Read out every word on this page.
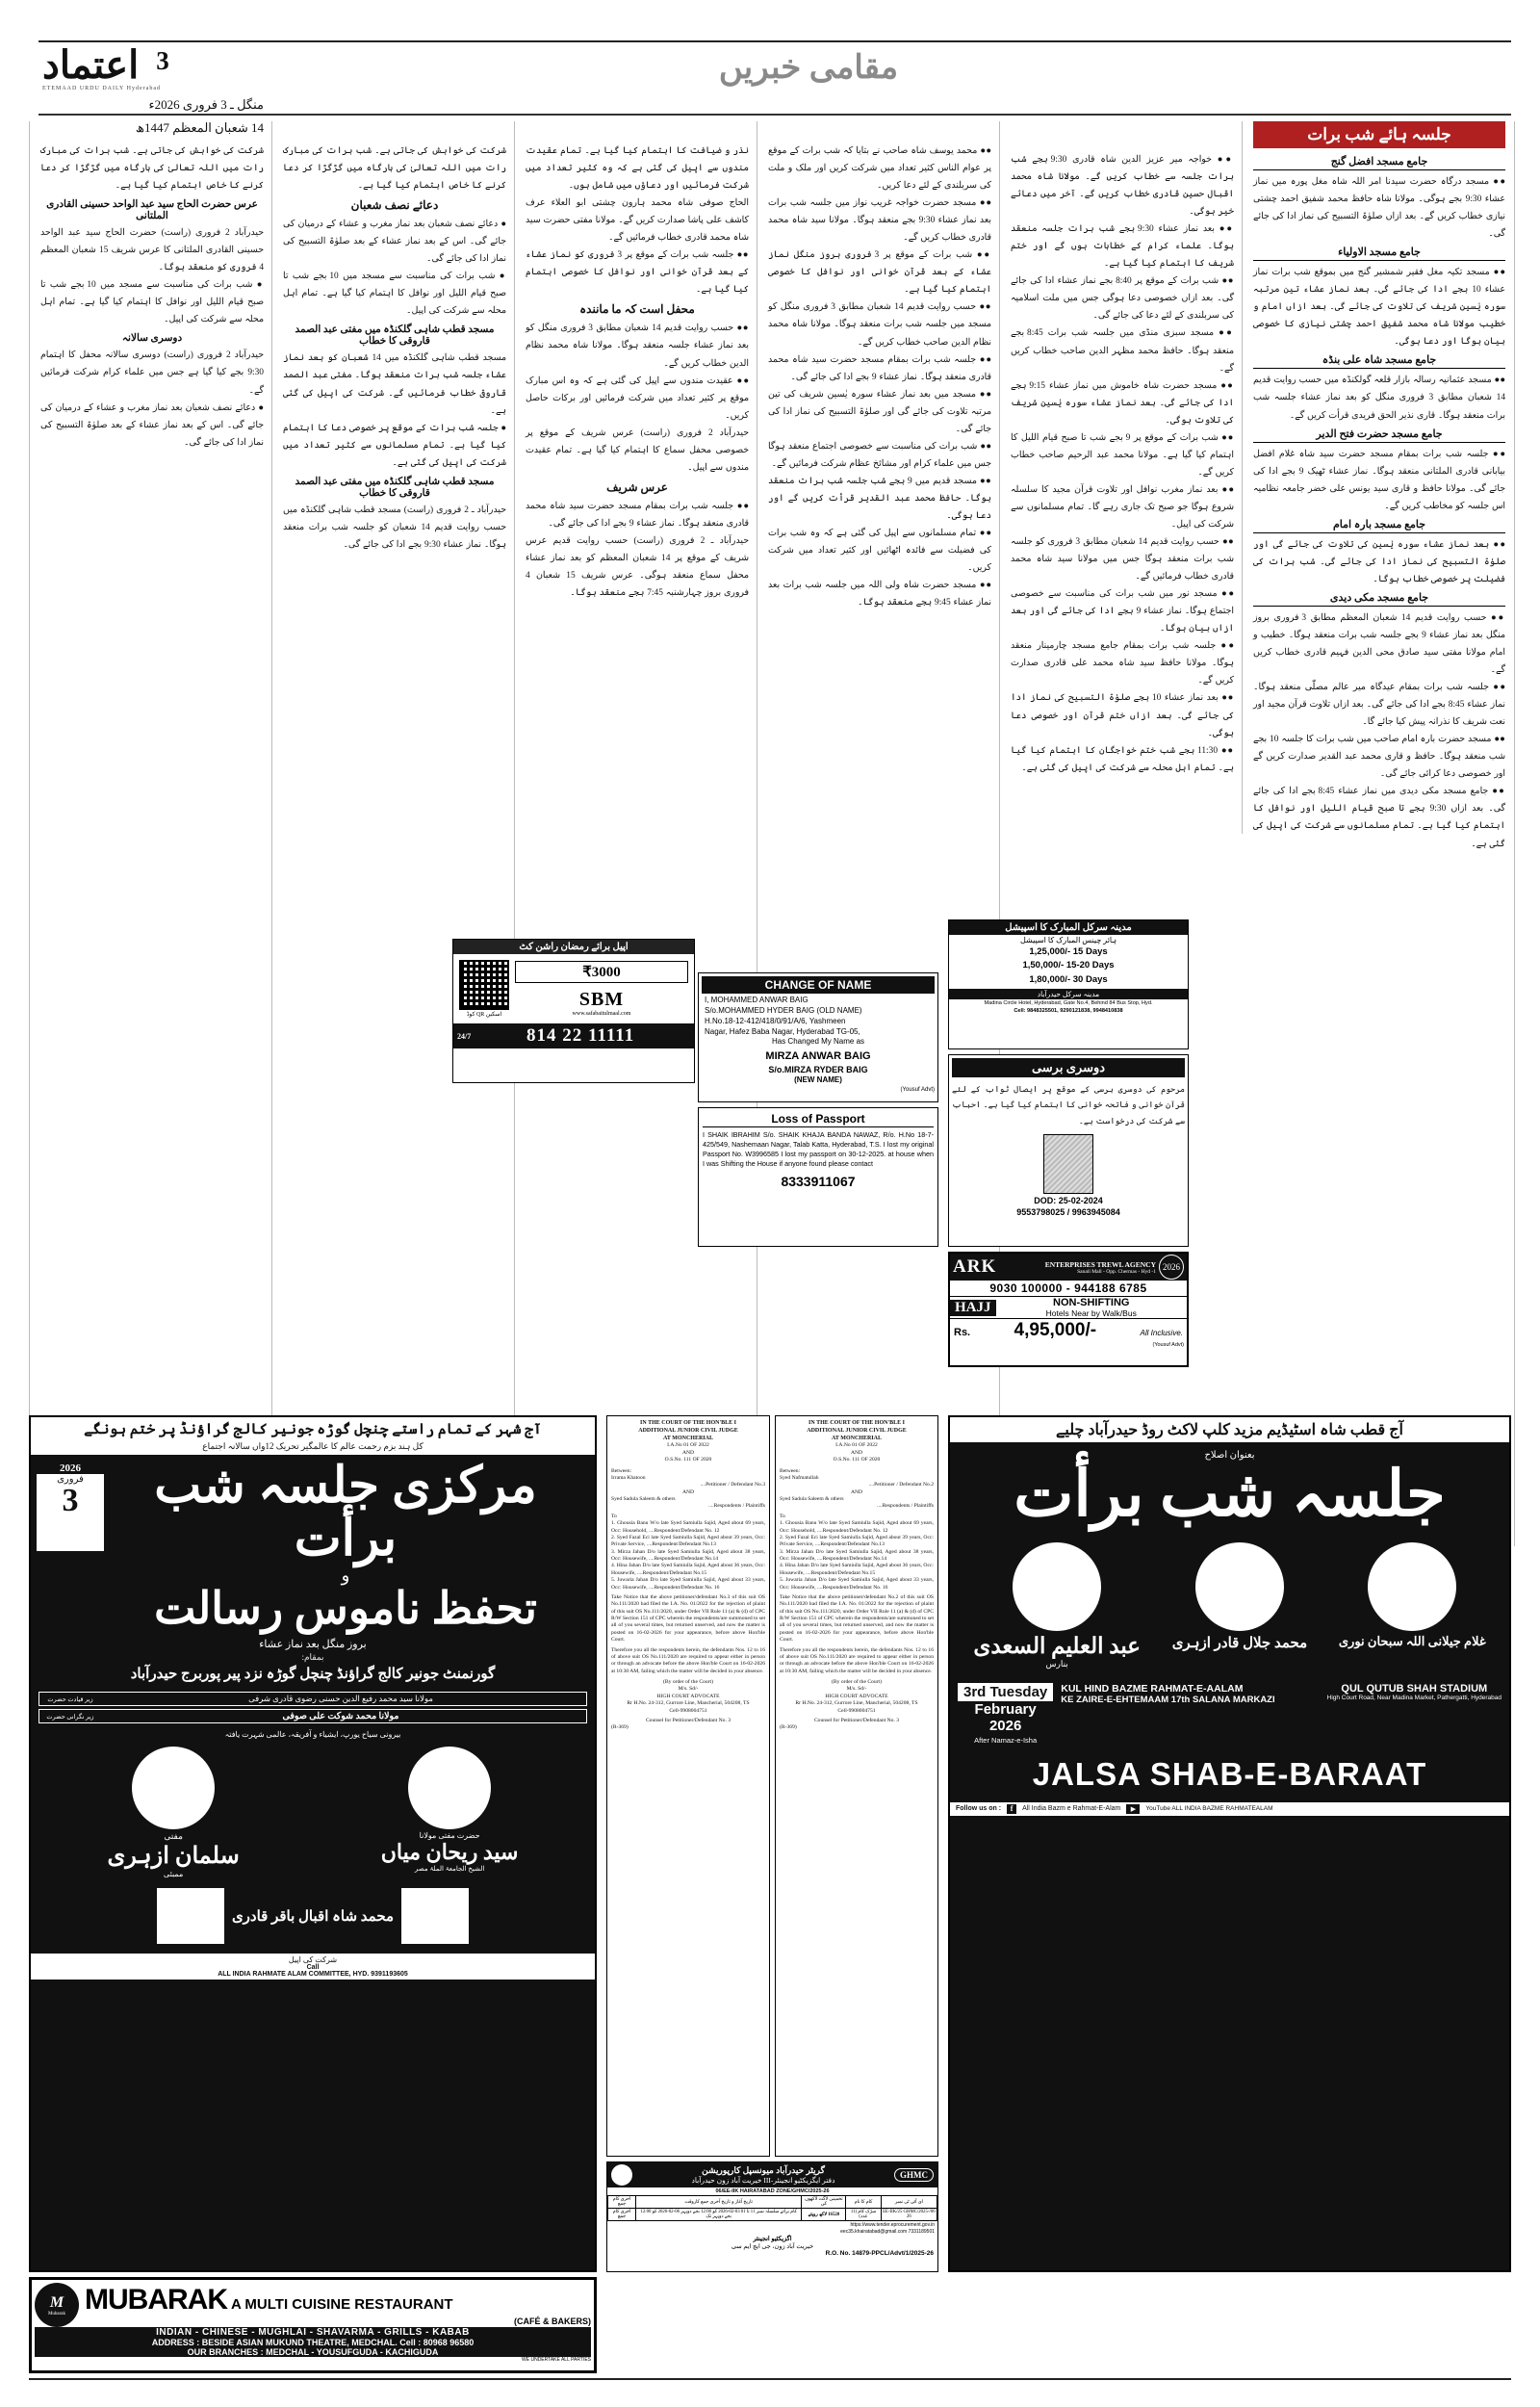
اعتماد 3
ETEMAAD URDU DAILY Hyderabad
منگل ـ 3 فروری 2026ء
14 شعبان المعظم 1447ھ
مقامی خبریں
جلسہ ہائے شب برات
جامع مسجد افضل گنج
●● مسجد درگاہ حضرت سیدنا امر اللہ شاہ مغل پورہ میں نماز عشاء 9:30 بجے ہوگی۔ مولانا شاہ حافظ محمد شفیق احمد چشتی نیازی خطاب کریں گے۔ بعد ازاں صلوٰۃ التسبیح کی نماز ادا کی جائے گی۔
جامع مسجد الاولیاء
●● مسجد تکیہ مغل فقیر شمشیر گنج میں بموقع شب برات نماز عشاء 10 بجے ادا کی جائے گی۔ بعد نماز عشاء تین مرتبہ سورہ یٰسین شریف کی تلاوت کی جائے گی۔ بعد ازاں امام و خطیب مولانا شاہ محمد شفیق احمد چشتی نیازی کا خصوصی بیان ہوگا اور دعا ہوگی۔
جامع مسجد شاہ علی بنڈہ
●● مسجد عثمانیہ رسالہ بازار قلعہ گولکنڈہ میں حسب روایت قدیم 14 شعبان مطابق 3 فروری منگل کو بعد نماز عشاء جلسہ شب برات منعقد ہوگا۔ قاری نذیر الحق فریدی قرأت کریں گے۔
جامع مسجد حضرت فتح الدیر
●● جلسہ شب برات بمقام مسجد حضرت سید شاہ غلام افضل بیابانی قادری الملتانی منعقد ہوگا۔ نماز عشاء ٹھیک 9 بجے ادا کی جائے گی۔ مولانا حافظ و قاری سید یونس علی خضر جامعہ نظامیہ اس جلسہ کو مخاطب کریں گے۔
جامع مسجد بارہ امام
●● بعد نماز عشاء سورہ یٰسین کی تلاوت کی جائے گی اور صلوٰۃ التسبیح کی نماز ادا کی جائے گی۔ شب برات کی فضیلت پر خصوصی خطاب ہوگا۔
جامع مسجد مکی دیدی
●● حسب روایت قدیم 14 شعبان المعظم مطابق 3 فروری بروز منگل بعد نماز عشاء 9 بجے جلسہ شب برات منعقد ہوگا۔ خطیب و امام مولانا مفتی سید صادق محی الدین فہیم قادری خطاب کریں گے۔
●● جلسہ شب برات بمقام عیدگاہ میر عالم مصلّٰی منعقد ہوگا۔ نماز عشاء 8:45 بجے ادا کی جائے گی۔ بعد ازاں تلاوت قرآن مجید اور نعت شریف کا نذرانہ پیش کیا جائے گا۔
●● مسجد حضرت بارہ امام صاحب میں شب برات کا جلسہ 10 بجے شب منعقد ہوگا۔ حافظ و قاری محمد عبد القدیر صدارت کریں گے اور خصوصی دعا کرائی جائے گی۔
●● جامع مسجد مکی دیدی میں نماز عشاء 8:45 بجے ادا کی جائے گی۔ بعد ازاں 9:30 بجے تا صبح قیام اللیل اور نوافل کا اہتمام کیا گیا ہے۔ تمام مسلمانوں سے شرکت کی اپیل کی گئی ہے۔
●● خواجہ میر عزیز الدین شاہ قادری 9:30 بجے شب برات جلسہ سے خطاب کریں گے۔ مولانا شاہ محمد اقبال حسین قادری خطاب کریں گے۔ آخر میں دعائے خیر ہوگی۔
●● بعد نماز عشاء 9:30 بجے شب برات جلسہ منعقد ہوگا۔ علماء کرام کے خطابات ہوں گے اور ختم شریف کا اہتمام کیا گیا ہے۔
●● شب برات کے موقع پر 8:40 بجے نماز عشاء ادا کی جائے گی۔ بعد ازاں خصوصی دعا ہوگی جس میں ملت اسلامیہ کی سربلندی کے لئے دعا کی جائے گی۔
●● مسجد سبزی منڈی میں جلسہ شب برات 8:45 بجے منعقد ہوگا۔ حافظ محمد مظہر الدین صاحب خطاب کریں گے۔
●● مسجد حضرت شاہ خاموش میں نماز عشاء 9:15 بجے ادا کی جائے گی۔ بعد نماز عشاء سورہ یٰسین شریف کی تلاوت ہوگی۔
●● شب برات کے موقع پر 9 بجے شب تا صبح قیام اللیل کا اہتمام کیا گیا ہے۔ مولانا محمد عبد الرحیم صاحب خطاب کریں گے۔
●● بعد نماز مغرب نوافل اور تلاوت قرآن مجید کا سلسلہ شروع ہوگا جو صبح تک جاری رہے گا۔ تمام مسلمانوں سے شرکت کی اپیل۔
●● حسب روایت قدیم 14 شعبان مطابق 3 فروری کو جلسہ شب برات منعقد ہوگا جس میں مولانا سید شاہ محمد قادری خطاب فرمائیں گے۔
●● مسجد نور میں شب برات کی مناسبت سے خصوصی اجتماع ہوگا۔ نماز عشاء 9 بجے ادا کی جائے گی اور بعد ازاں بیان ہوگا۔
●● جلسہ شب برات بمقام جامع مسجد چارمینار منعقد ہوگا۔ مولانا حافظ سید شاہ محمد علی قادری صدارت کریں گے۔
●● بعد نماز عشاء 10 بجے صلوٰۃ التسبیح کی نماز ادا کی جائے گی۔ بعد ازاں ختم قرآن اور خصوصی دعا ہوگی۔
●● 11:30 بجے شب ختم خواجگان کا اہتمام کیا گیا ہے۔ تمام اہل محلہ سے شرکت کی اپیل کی گئی ہے۔
●● محمد یوسف شاہ صاحب نے بتایا کہ شب برات کے موقع پر عوام الناس کثیر تعداد میں شرکت کریں اور ملک و ملت کی سربلندی کے لئے دعا کریں۔
●● مسجد حضرت خواجہ غریب نواز میں جلسہ شب برات بعد نماز عشاء 9:30 بجے منعقد ہوگا۔ مولانا سید شاہ محمد قادری خطاب کریں گے۔
●● شب برات کے موقع پر 3 فروری بروز منگل نماز عشاء کے بعد قرآن خوانی اور نوافل کا خصوصی اہتمام کیا گیا ہے۔
●● حسب روایت قدیم 14 شعبان مطابق 3 فروری منگل کو مسجد میں جلسہ شب برات منعقد ہوگا۔ مولانا شاہ محمد نظام الدین صاحب خطاب کریں گے۔
●● جلسہ شب برات بمقام مسجد حضرت سید شاہ محمد قادری منعقد ہوگا۔ نماز عشاء 9 بجے ادا کی جائے گی۔
●● مسجد میں بعد نماز عشاء سورہ یٰسین شریف کی تین مرتبہ تلاوت کی جائے گی اور صلوٰۃ التسبیح کی نماز ادا کی جائے گی۔
●● شب برات کی مناسبت سے خصوصی اجتماع منعقد ہوگا جس میں علماء کرام اور مشائخ عظام شرکت فرمائیں گے۔
●● مسجد قدیم میں 9 بجے شب جلسہ شب برات منعقد ہوگا۔ حافظ محمد عبد القدیر قرأت کریں گے اور دعا ہوگی۔
●● تمام مسلمانوں سے اپیل کی گئی ہے کہ وہ شب برات کی فضیلت سے فائدہ اٹھائیں اور کثیر تعداد میں شرکت کریں۔
●● مسجد حضرت شاہ ولی اللہ میں جلسہ شب برات بعد نماز عشاء 9:45 بجے منعقد ہوگا۔
نذر و ضیافت کا اہتمام کیا گیا ہے۔ تمام عقیدت مندوں سے اپیل کی گئی ہے کہ وہ کثیر تعداد میں شرکت فرمائیں اور دعاؤں میں شامل ہوں۔
الحاج صوفی شاہ محمد ہارون چشتی ابو العلاء عرف کاشف علی پاشا صدارت کریں گے۔ مولانا مفتی حضرت سید شاہ محمد قادری خطاب فرمائیں گے۔
●● جلسہ شب برات کے موقع پر 3 فروری کو نماز عشاء کے بعد قرآن خوانی اور نوافل کا خصوصی اہتمام کیا گیا ہے۔
محفل است کہ ما مانندہ
●● حسب روایت قدیم 14 شعبان مطابق 3 فروری منگل کو بعد نماز عشاء جلسہ منعقد ہوگا۔ مولانا شاہ محمد نظام الدین خطاب کریں گے۔
●● عقیدت مندوں سے اپیل کی گئی ہے کہ وہ اس مبارک موقع پر کثیر تعداد میں شرکت فرمائیں اور برکات حاصل کریں۔
حیدرآباد 2 فروری (راست) عرس شریف کے موقع پر خصوصی محفل سماع کا اہتمام کیا گیا ہے۔ تمام عقیدت مندوں سے اپیل۔
عرس شریف
●● جلسہ شب برات بمقام مسجد حضرت سید شاہ محمد قادری منعقد ہوگا۔ نماز عشاء 9 بجے ادا کی جائے گی۔
حیدرآباد ـ 2 فروری (راست) حسب روایت قدیم عرس شریف کے موقع پر 14 شعبان المعظم کو بعد نماز عشاء محفل سماع منعقد ہوگی۔ عرس شریف 15 شعبان 4 فروری بروز چہارشنبہ 7:45 بجے منعقد ہوگا۔
شرکت کی خواہش کی جاتی ہے۔ شب برات کی مبارک رات میں اللہ تعالیٰ کی بارگاہ میں گڑگڑا کر دعا کرنے کا خاص اہتمام کیا گیا ہے۔
دعائے نصف شعبان
● دعائے نصف شعبان بعد نماز مغرب و عشاء کے درمیان کی جائے گی۔ اس کے بعد نماز عشاء کے بعد صلوٰۃ التسبیح کی نماز ادا کی جائے گی۔
● شب برات کی مناسبت سے مسجد میں 10 بجے شب تا صبح قیام اللیل اور نوافل کا اہتمام کیا گیا ہے۔ تمام اہل محلہ سے شرکت کی اپیل۔
مسجد قطب شاہی گلکنڈہ میں مفتی عبد الصمد قاروقی کا خطاب
مسجد قطب شاہی گلکنڈہ میں 14 شعبان کو بعد نماز عشاء جلسہ شب برات منعقد ہوگا۔ مفتی عبد الصمد قاروقی خطاب فرمائیں گے۔ شرکت کی اپیل کی گئی ہے۔
● جلسہ شب برات کے موقع پر خصوصی دعا کا اہتمام کیا گیا ہے۔ تمام مسلمانوں سے کثیر تعداد میں شرکت کی اپیل کی گئی ہے۔
مسجد قطب شاہی گلکنڈہ میں مفتی عبد الصمد قاروقی کا خطاب
حیدرآباد ـ 2 فروری (راست) مسجد قطب شاہی گلکنڈہ میں حسب روایت قدیم 14 شعبان کو جلسہ شب برات منعقد ہوگا۔ نماز عشاء 9:30 بجے ادا کی جائے گی۔
شرکت کی خواہش کی جاتی ہے۔ شب برات کی مبارک رات میں اللہ تعالیٰ کی بارگاہ میں گڑگڑا کر دعا کرنے کا خاص اہتمام کیا گیا ہے۔
عرس حضرت الحاج سید عبد الواحد حسینی القادری الملتانی
حیدرآباد 2 فروری (راست) حضرت الحاج سید عبد الواحد حسینی القادری الملتانی کا عرس شریف 15 شعبان المعظم 4 فروری کو منعقد ہوگا۔
● شب برات کی مناسبت سے مسجد میں 10 بجے شب تا صبح قیام اللیل اور نوافل کا اہتمام کیا گیا ہے۔ تمام اہل محلہ سے شرکت کی اپیل۔
دوسری سالانہ
حیدرآباد 2 فروری (راست) دوسری سالانہ محفل کا اہتمام 9:30 بجے کیا گیا ہے جس میں علماء کرام شرکت فرمائیں گے۔
● دعائے نصف شعبان بعد نماز مغرب و عشاء کے درمیان کی جائے گی۔ اس کے بعد نماز عشاء کے بعد صلوٰۃ التسبیح کی نماز ادا کی جائے گی۔
اپیل برائے رمضان راشن کٹ
اسکین QR کوڈ
₹3000
SBM
www.safabaitulmaal.com
24/7	814 22 11111
CHANGE OF NAME
I, MOHAMMED ANWAR BAIG
S/o.MOHAMMED HYDER BAIG (OLD NAME)
H.No.18-12-412/418/0/91/A/6, Yashmeen
Nagar, Hafez Baba Nagar, Hyderabad TG-05,
Has Changed My Name as
MIRZA ANWAR BAIG
S/o.MIRZA RYDER BAIG
(NEW NAME)
(Yousuf Advt)
Loss of Passport
I SHAIK IBRAHIM S/o. SHAIK KHAJA BANDA NAWAZ, R/o. H.No 18-7-425/549, Nashemaan Nagar, Talab Katta, Hyderabad, T.S. I lost my original Passport No. W3996585 I lost my passport on 30-12-2025. at house when I was Shifting the House if anyone found please contact
8333911067
مدینہ سرکل المبارک کا اسپیشل
ہائر چینس المبارک کا اسپیشل
1,25,000/- 15 Days
1,50,000/- 15-20 Days
1,80,000/- 30 Days
مدینہ سرکل حیدرآباد
Madina Circle Hotel, Hyderabad, Gate No.4, Behind 84 Bus Stop, Hyd.
Cell: 9848325501, 9290121838, 9948410838
دوسری برسی
مرحوم کی دوسری برسی کے موقع پر ایصال ثواب کے لئے قرآن خوانی و فاتحہ خوانی کا اہتمام کیا گیا ہے۔ احباب سے شرکت کی درخواست ہے۔
DOD: 25-02-2024
9553798025 / 9963945084
ARK	ENTERPRISES TREWL AGENCY
Sanali Mall - Opp. Chermas - Hyd -1 2026
9030 100000 - 944188 6785
HAJJ	NON-SHIFTING
Hotels Near by Walk/Bus
Rs.	4,95,000/-	All Inclusive.
(Yousuf Advt)
آج شہر کے تمام راستے چنچل گوڑہ جونیر کالج گراؤنڈ پر ختم ہونگے
کل ہند بزم رحمت عالم کا عالمگیر تحریک 12واں سالانہ اجتماع
2026
فروری
3	مرکزی جلسہ شب برأت
و
تحفظ ناموس رسالت
بروز منگل بعد نماز عشاء
بمقام:
گورنمنٹ جونیر کالج گراؤنڈ چنچل گوڑہ نزد پیر پوربرج حیدرآباد
زیر قیادت حضرت	مولانا سید محمد رفیع الدین حسنی رضوی قادری شرفی
زیر نگرانی حضرت	مولانا محمد شوکت علی صوفی
بیرونی سیاح یورپ، ایشیاء و آفریقہ، عالمی شہرت یافتہ
مفتی
سلمان ازہری
ممبئی
حضرت مفتی مولانا
سید ریحان میاں
الشیخ الجامعۃ الملۃ مصر
محمد شاہ اقبال باقر قادری
شرکت کی اپیل
Call
ALL INDIA RAHMATE ALAM COMMITTEE, HYD. 9391193605
IN THE COURT OF THE HON'BLE I
ADDITIONAL JUNIOR CIVIL JUDGE
AT MONCHERIAL
I.A.No 01 OF 2022
AND
O.S.No. 111 OF 2020
Between:
Irrama Khatoon
....Petitioner / Defendant No.3
AND
Syed Sadula Saleem & others
....Respondents / Plaintiffs
To
1. Ghousia Banu W/o late Syed Samiulla Sajid, Aged about 69 years, Occ: Household, ....Respondent/Defendant No. 12
2. Syed Fazal Eci late Syed Samiulla Sajid, Aged about 39 years, Occ: Private Service, ....Respondent/Defendant No.13
3. Mirza Jahan D/o late Syed Samiulla Sajid, Aged about 38 years, Occ: Housewife, ....Respondent/Defendant No.14
4. Hina Jahan D/o late Syed Samiulla Sajid, Aged about 36 years, Occ: Housewife, ....Respondent/Defendant No.15
5. Juwaria Jahan D/o late Syed Samiulla Sajid, Aged about 33 years, Occ: Housewife, ....Respondent/Defendant No. 16
Take Notice that the above petitioner/defendant No.3 of this suit OS No.111/2020 had filed the I.A. No. 01/2022 for the rejection of plaint of this suit OS No.111/2020, under Order VII Rule 11 (a) & (d) of CPC R/W Section 151 of CPC wherein the respondents/are summoned to set all of you several times, but returned unserved, and now the matter is posted on 16-02-2026 for your appearance, before above Hon'ble Court.
Therefore you all the respondents herein, the defendants Nos. 12 to 16 of above suit OS No.111/2020 are required to appear either in person or through an advocate before the above Hon'ble Court on 16-02-2026 at 10:30 AM, failing which the matter will be decided in your absence.
(By order of the Court)
M/s. Sd/-
HIGH COURT ADVOCATE
Rr H.No. 24-312, Gurrore Line, Mancherial, 504208, TS
Cell-9908004751
Counsel for Petitioner/Defendant No. 3
(R-369)
IN THE COURT OF THE HON'BLE I
ADDITIONAL JUNIOR CIVIL JUDGE
AT MONCHERIAL
I.A.No 01 OF 2022
AND
O.S.No. 111 OF 2020
Between:
Syed Nafmatullah
....Petitioner / Defendant No.2
AND
Syed Sadula Saleem & others
....Respondents / Plaintiffs
To
1. Ghousia Banu W/o late Syed Samiulla Sajid, Aged about 69 years, Occ: Household, ....Respondent/Defendant No. 12
2. Syed Fazal Eci late Syed Samiulla Sajid, Aged about 39 years, Occ: Private Service, ....Respondent/Defendant No.13
3. Mirza Jahan D/o late Syed Samiulla Sajid, Aged about 38 years, Occ: Housewife, ....Respondent/Defendant No.14
4. Hina Jahan D/o late Syed Samiulla Sajid, Aged about 36 years, Occ: Housewife, ....Respondent/Defendant No.15
5. Juwaria Jahan D/o late Syed Samiulla Sajid, Aged about 33 years, Occ: Housewife, ....Respondent/Defendant No. 16
Take Notice that the above petitioner/defendant No.2 of this suit OS No.111/2020 had filed the I.A. No. 01/2022 for the rejection of plaint of this suit OS No.111/2020, under Order VII Rule 11 (a) & (d) of CPC R/W Section 151 of CPC wherein the respondents/are summoned to set all of you several times, but returned unserved, and now the matter is posted on 16-02-2026 for your appearance, before above Hon'ble Court.
Therefore you all the respondents herein, the defendants Nos. 12 to 16 of above suit OS No.111/2020 are required to appear either in person or through an advocate before the above Hon'ble Court on 16-02-2026 at 10:30 AM, failing which the matter will be decided in your absence.
(By order of the Court)
M/s. Sd/-
HIGH COURT ADVOCATE
Rr H.No. 24-312, Gurrore Line, Mancherial, 504208, TS
Cell-9908004751
Counsel for Petitioner/Defendant No. 3
(R-369)
آج قطب شاہ اسٹیڈیم مزید کلپ لاکٹ روڈ حیدرآباد چلیے
بعنوان اصلاح
جلسہ شب برأت
عبد العلیم السعدی
بنارس
محمد جلال قادر ازہری	غلام جیلانی اللہ سبحان نوری
3rd Tuesday
February
2026
After Namaz-e-Isha
KUL HIND BAZME RAHMAT-E-AALAM
KE ZAIRE-E-EHTEMAAM 17th SALANA MARKAZI
QUL QUTUB SHAH STADIUM
High Court Road, Near Madina Market, Pathergatti, Hyderabad
JALSA SHAB-E-BARAAT
Follow us on :	f	All India Bazm e Rahmat-E-Alam	▶	YouTube ALL INDIA BAZME RAHMATEALAM
گریٹر حیدرآباد میونسپل کارپوریشن
دفتر ایگزیکٹیو انجینئر-III خیریت آباد زون حیدرآباد
GHMC
06/EE-IIK HAIRATABAD ZONE/GHMC/2025-26
ای آئی ٹی نمبر	کام کا نام	تخمینی لاگت لاکھوں کی	تاریخ آغاز و تاریخ آخری جمع کاروقت	آخری کام جمع
06/EE-IIK/25 GHMC/2025-26	سڑک کام (11 عدد)	16520 لاکھ روپئے	کام برائے سلسلہ نمبر 11 تا 01 03-02-2026 کو 12:00 بجے دوپہر 06-02-2026 کو 12:00 بجے دوپہر تک	آخری کام جمع
https://www.tender.eprocurement.gov.in
eec35.khairatabad@gmail.com 7331189501
اگزیکٹیو انجینئر
خیریت آباد زون، جی ایچ ایم سی
R.O. No. 14879-PPCL/Advt/1/2025-26
M
Mubarak MUBARAK A MULTI CUISINE RESTAURANT
(CAFÉ & BAKERS)
INDIAN - CHINESE - MUGHLAI - SHAVARMA - GRILLS - KABAB
ADDRESS : BESIDE ASIAN MUKUND THEATRE, MEDCHAL. Cell : 80968 96580
OUR BRANCHES : MEDCHAL - YOUSUFGUDA - KACHIGUDA
WE UNDERTAKE ALL PARTIES
